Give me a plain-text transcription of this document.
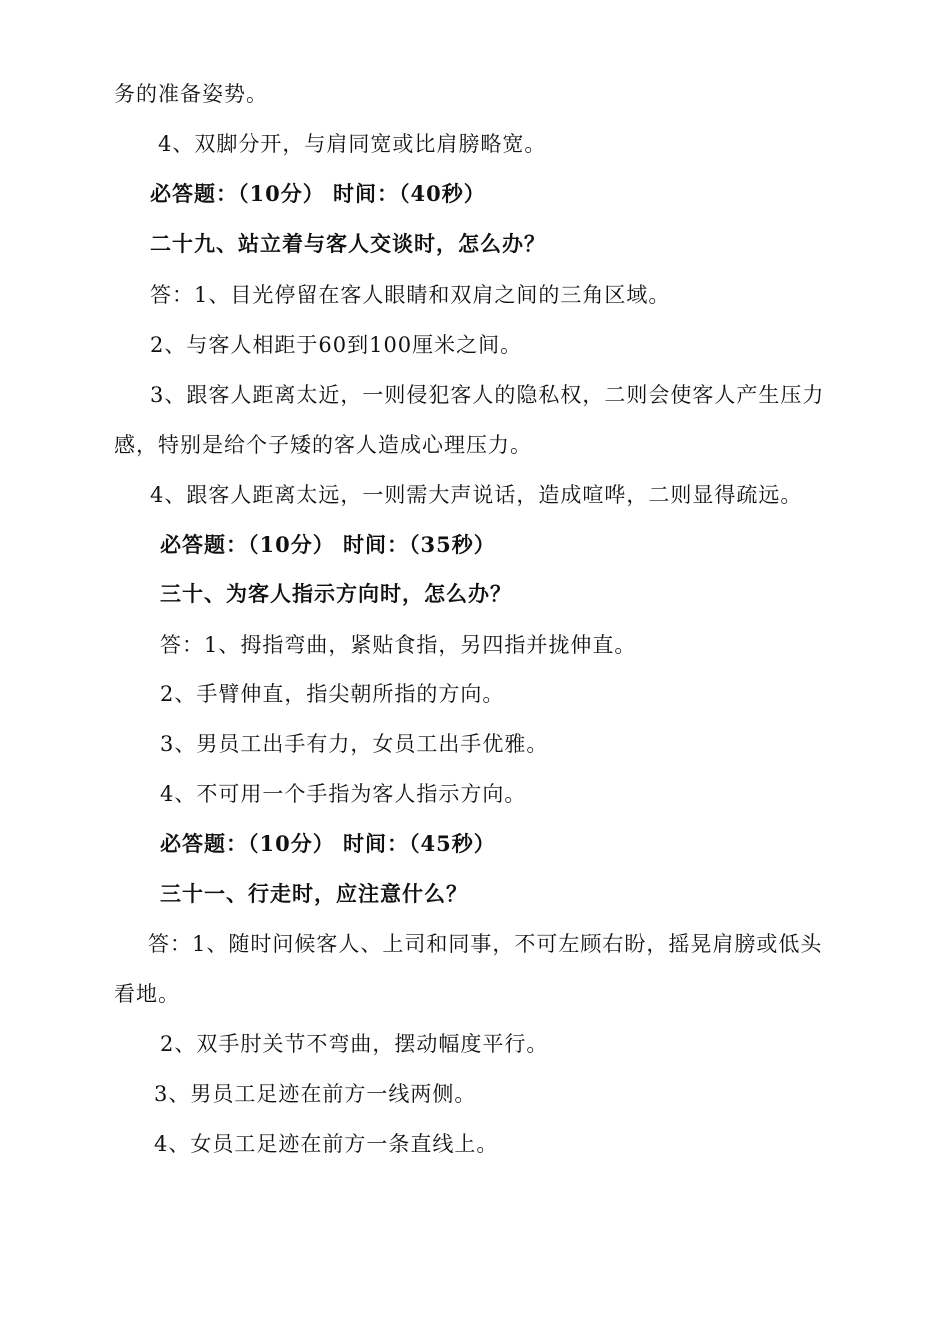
务的准备姿势。
4、双脚分开，与肩同宽或比肩膀略宽。
必答题：（10分） 时间：（40秒）
二十九、站立着与客人交谈时，怎么办？
答：1、目光停留在客人眼睛和双肩之间的三角区域。
2、与客人相距于60到100厘米之间。
3、跟客人距离太近，一则侵犯客人的隐私权，二则会使客人产生压力
感，特别是给个子矮的客人造成心理压力。
4、跟客人距离太远，一则需大声说话，造成喧哗，二则显得疏远。
必答题：（10分） 时间：（35秒）
三十、为客人指示方向时，怎么办？
答：1、拇指弯曲，紧贴食指，另四指并拢伸直。
2、手臂伸直，指尖朝所指的方向。
3、男员工出手有力，女员工出手优雅。
4、不可用一个手指为客人指示方向。
必答题：（10分） 时间：（45秒）
三十一、行走时，应注意什么？
答：1、随时问候客人、上司和同事，不可左顾右盼，摇晃肩膀或低头
看地。
2、双手肘关节不弯曲，摆动幅度平行。
3、男员工足迹在前方一线两侧。
4、女员工足迹在前方一条直线上。
